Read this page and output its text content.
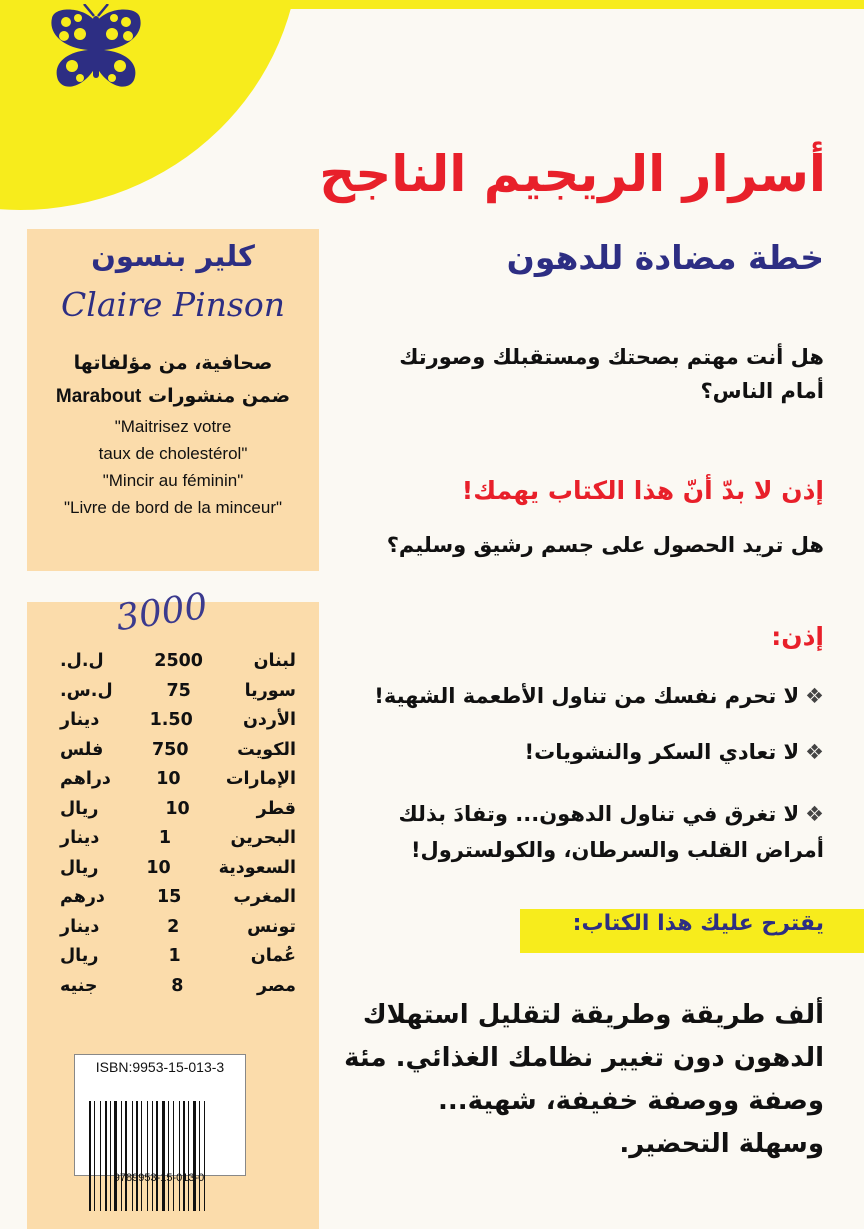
أسرار الريجيم الناجح
خطة مضادة للدهون
كلير بنسون
Claire Pinson
صحافية، من مؤلفاتها
ضمن منشورات Marabout
"Maitrisez votre
taux de cholestérol"
"Mincir au féminin"
"Livre de bord de la minceur"
3000
لبنان 2500 ل.ل.
سوريا 75 ل.س.
الأردن 1.50 دينار
الكويت 750 فلس
الإمارات 10 دراهم
قطر 10 ريال
البحرين 1 دينار
السعودية 10 ريال
المغرب 15 درهم
تونس 2 دينار
عُمان 1 ريال
مصر 8 جنيه
ISBN:9953-15-013-3
9789953-15-013-0
هل أنت مهتم بصحتك ومستقبلك وصورتك أمام الناس؟
إذن لا بدّ أنّ هذا الكتاب يهمك!
هل تريد الحصول على جسم رشيق وسليم؟
إذن:
❖لا تحرم نفسك من تناول الأطعمة الشهية!
❖لا تعادي السكر والنشويات!
❖لا تغرق في تناول الدهون... وتفادَ بذلك أمراض القلب والسرطان، والكولسترول!
يقترح عليك هذا الكتاب:
ألف طريقة وطريقة لتقليل استهلاك الدهون دون تغيير نظامك الغذائي. مئة وصفة ووصفة خفيفة، شهية... وسهلة التحضير.
